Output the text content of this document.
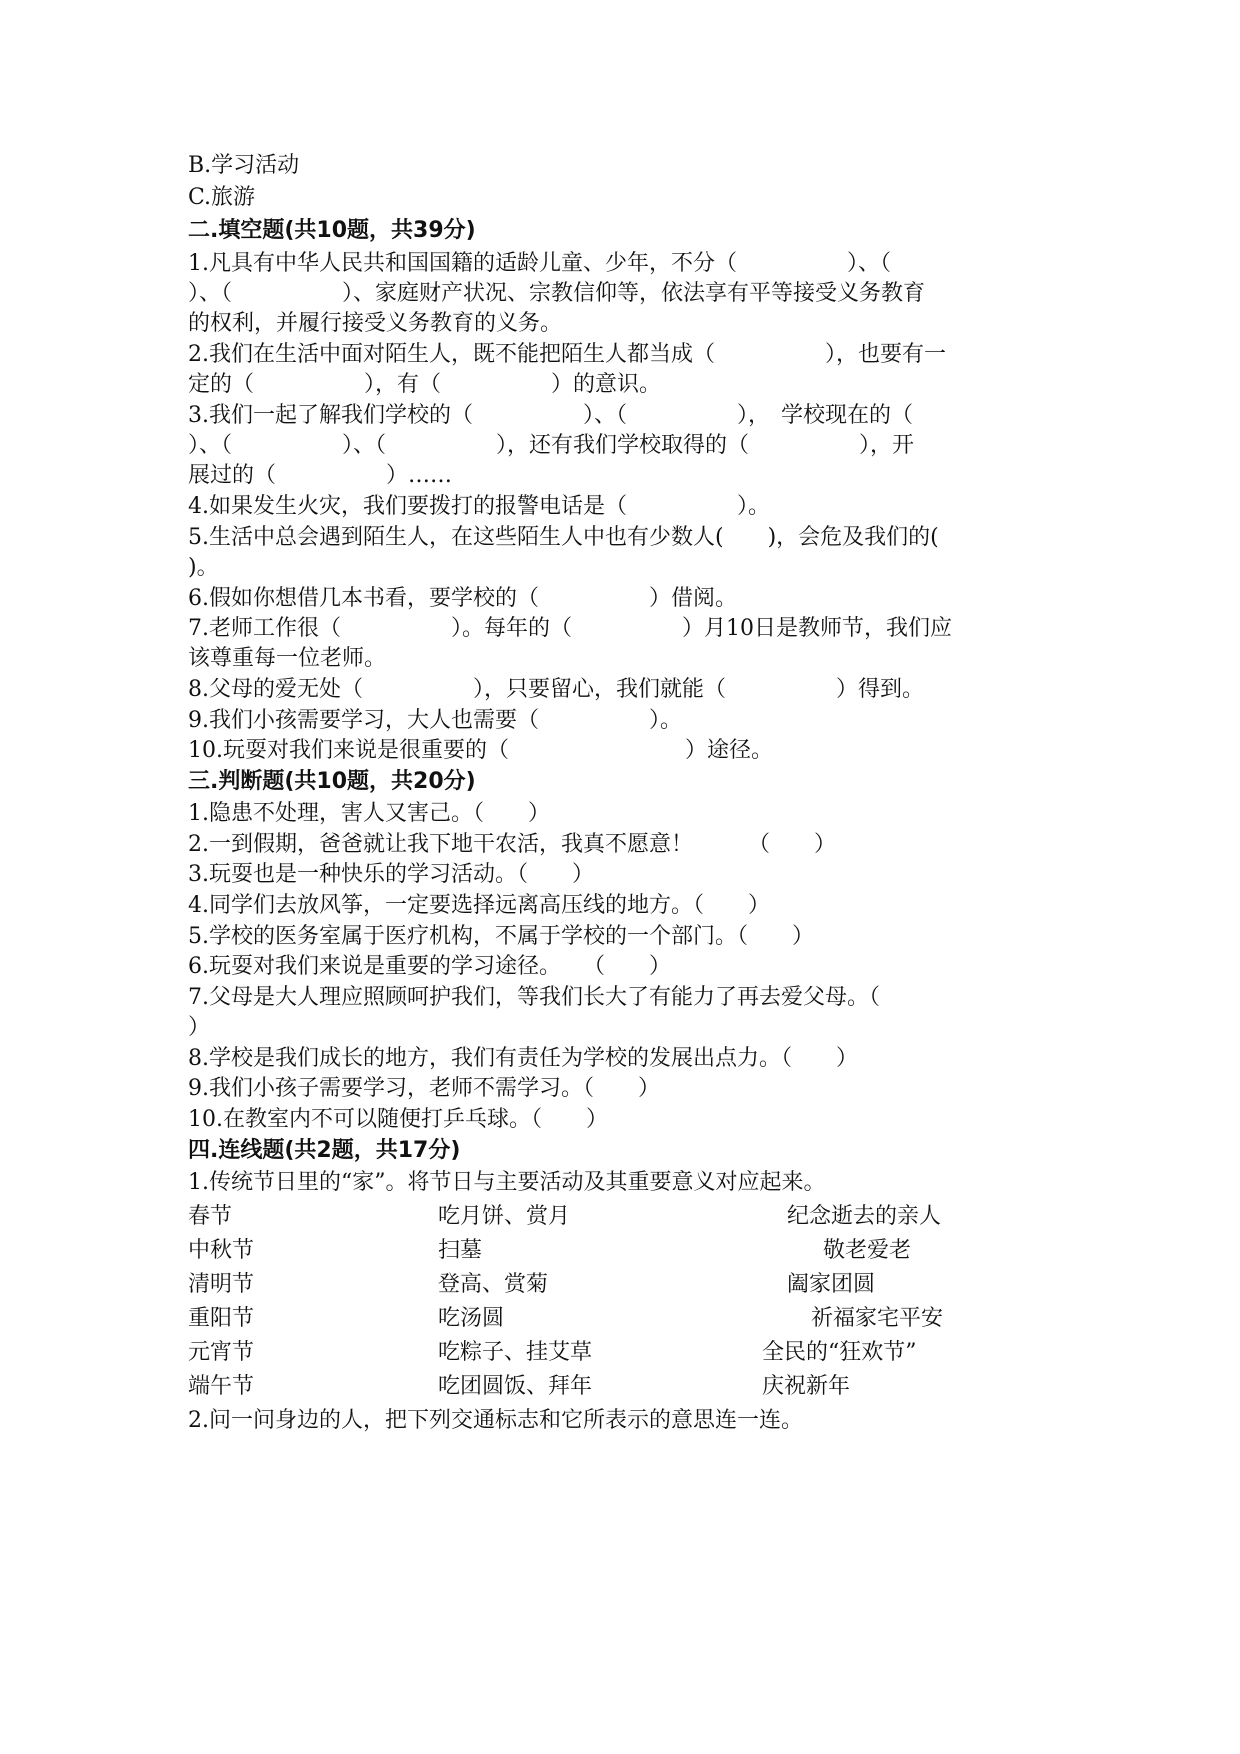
B.学习活动
C.旅游
二.填空题(共10题，共39分)
1.凡具有中华人民共和国国籍的适龄儿童、少年，不分（　　　　　）、（
）、（　　　　　）、家庭财产状况、宗教信仰等，依法享有平等接受义务教育
的权利，并履行接受义务教育的义务。
2.我们在生活中面对陌生人，既不能把陌生人都当成（　　　　　），也要有一
定的（　　　　　），有（　　　　　）的意识。
3.我们一起了解我们学校的（　　　　　）、（　　　　　），　学校现在的（
）、（　　　　　）、（　　　　　），还有我们学校取得的（　　　　　），开
展过的（　　　　　）……
4.如果发生火灾，我们要拨打的报警电话是（　　　　　）。
5.生活中总会遇到陌生人，在这些陌生人中也有少数人(　　)，会危及我们的(
)。
6.假如你想借几本书看，要学校的（　　　　　）借阅。
7.老师工作很（　　　　　）。每年的（　　　　　）月10日是教师节，我们应
该尊重每一位老师。
8.父母的爱无处（　　　　　），只要留心，我们就能（　　　　　）得到。
9.我们小孩需要学习，大人也需要（　　　　　）。
10.玩耍对我们来说是很重要的（　　　　　　　　）途径。
三.判断题(共10题，共20分)
1.隐患不处理，害人又害己。（　　）
2.一到假期，爸爸就让我下地干农活，我真不愿意！　　　（　　）
3.玩耍也是一种快乐的学习活动。（　　）
4.同学们去放风筝，一定要选择远离高压线的地方。（　　）
5.学校的医务室属于医疗机构，不属于学校的一个部门。（　　）
6.玩耍对我们来说是重要的学习途径。　　（　　）
7.父母是大人理应照顾呵护我们，等我们长大了有能力了再去爱父母。（
）
8.学校是我们成长的地方，我们有责任为学校的发展出点力。（　　）
9.我们小孩子需要学习，老师不需学习。（　　）
10.在教室内不可以随便打乒乓球。（　　）
四.连线题(共2题，共17分)
1.传统节日里的“家”。将节日与主要活动及其重要意义对应起来。
春节
中秋节
清明节
重阳节
元宵节
端午节
吃月饼、赏月
扫墓
登高、赏菊
吃汤圆
吃粽子、挂艾草
吃团圆饭、拜年
纪念逝去的亲人
敬老爱老
阖家团圆
祈福家宅平安
全民的“狂欢节”
庆祝新年
2.问一问身边的人，把下列交通标志和它所表示的意思连一连。
